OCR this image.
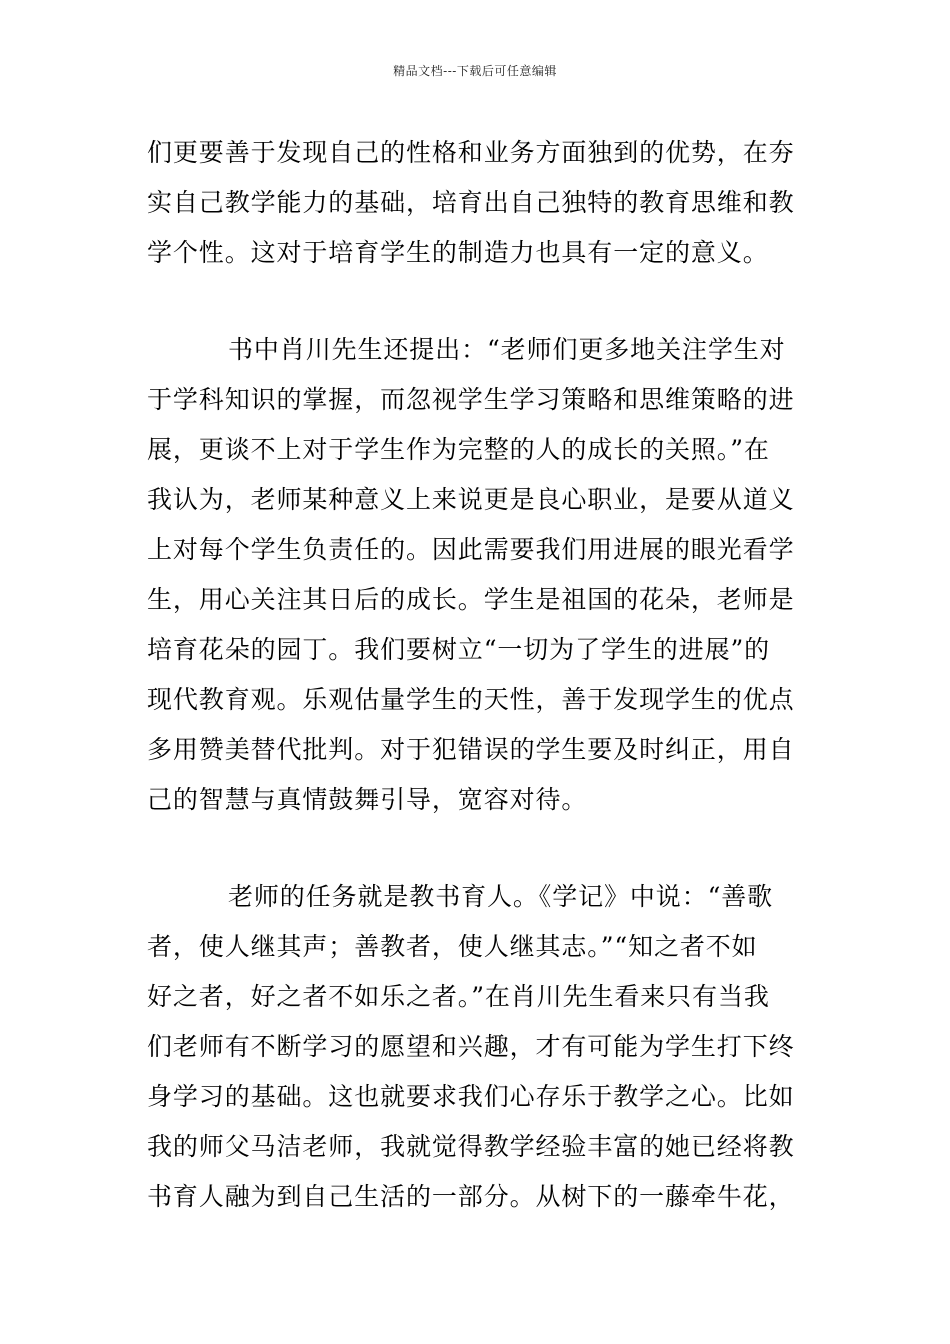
精品文档---下载后可任意编辑

们更要善于发现自己的性格和业务方面独到的优势，在夯
实自己教学能力的基础，培育出自己独特的教育思维和教
学个性。这对于培育学生的制造力也具有一定的意义。

书中肖川先生还提出：“老师们更多地关注学生对
于学科知识的掌握，而忽视学生学习策略和思维策略的进
展，更谈不上对于学生作为完整的人的成长的关照。”在
我认为，老师某种意义上来说更是良心职业，是要从道义
上对每个学生负责任的。因此需要我们用进展的眼光看学
生，用心关注其日后的成长。学生是祖国的花朵，老师是
培育花朵的园丁。我们要树立“一切为了学生的进展”的
现代教育观。乐观估量学生的天性，善于发现学生的优点
多用赞美替代批判。对于犯错误的学生要及时纠正，用自
己的智慧与真情鼓舞引导，宽容对待。

老师的任务就是教书育人。《学记》中说：“善歌
者，使人继其声；善教者，使人继其志。”“知之者不如
好之者，好之者不如乐之者。”在肖川先生看来只有当我
们老师有不断学习的愿望和兴趣，才有可能为学生打下终
身学习的基础。这也就要求我们心存乐于教学之心。比如
我的师父马洁老师，我就觉得教学经验丰富的她已经将教
书育人融为到自己生活的一部分。从树下的一藤牵牛花，
